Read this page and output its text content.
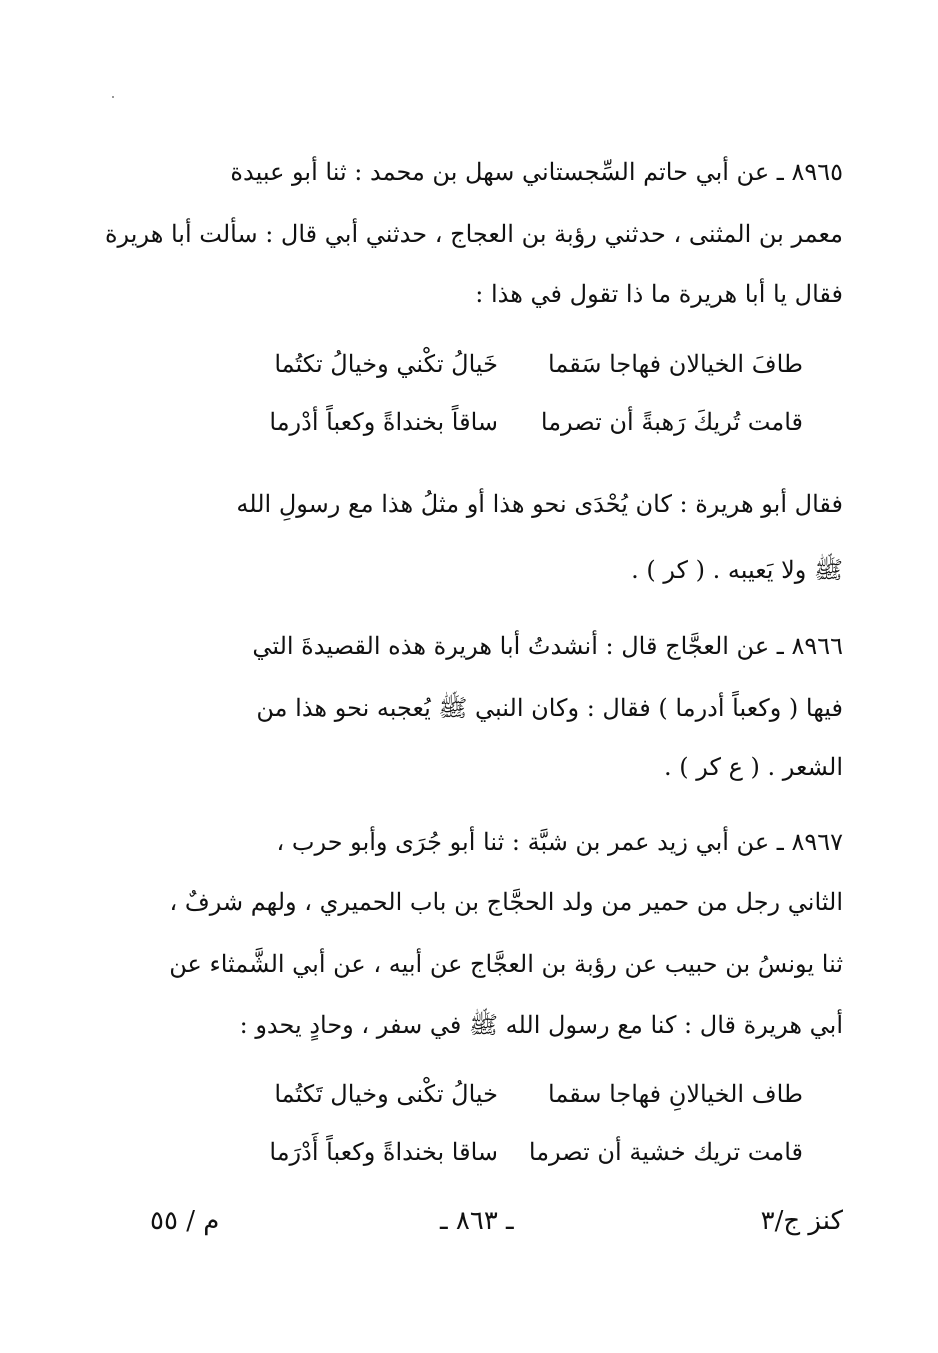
٨٩٦٥ ـ عن أبي حاتم السِّجستاني سهل بن محمد : ثنا أبو عبيدة
معمر بن المثنى ، حدثني رؤبة بن العجاج ، حدثني أبي قال : سألت أبا هريرة
فقال يا أبا هريرة ما ذا تقول في هذا :
طافَ الخيالان فهاجا سَقما
خَيالُ تكْني وخيالُ تكتُما
قامت تُريكَ رَهبةً أن تصرما
ساقاً بخنداةً وكعباً أدْرما
فقال أبو هريرة : كان يُحْدَى نحو هذا أو مثلُ هذا مع رسولِ الله
ﷺ ولا يَعيبه . ( كر ) .
٨٩٦٦ ـ عن العجَّاج قال : أنشدتُ أبا هريرة هذه القصيدةَ التي
فيها ( وكعباً أدرما ) فقال : وكان النبي ﷺ يُعجبه نحو هذا من
الشعر . ( ع كر ) .
٨٩٦٧ ـ عن أبي زيد عمر بن شبَّة : ثنا أبو جُرَى وأبو حرب ،
الثاني رجل من حمير من ولد الحجَّاج بن باب الحميري ، ولهم شرفٌ ،
ثنا يونسُ بن حبيب عن رؤبة بن العجَّاج عن أبيه ، عن أبي الشَّمثاء عن
أبي هريرة قال : كنا مع رسول الله ﷺ في سفر ، وحادٍ يحدو :
طاف الخيالانِ فهاجا سقما
خيالُ تكْنى وخيال تَكتُما
قامت تريك خشية أن تصرما
ساقا بخنداةً وكعباً أَدْرَما
كنز ج/٣
ـ ٨٦٣ ـ
م / ٥٥
